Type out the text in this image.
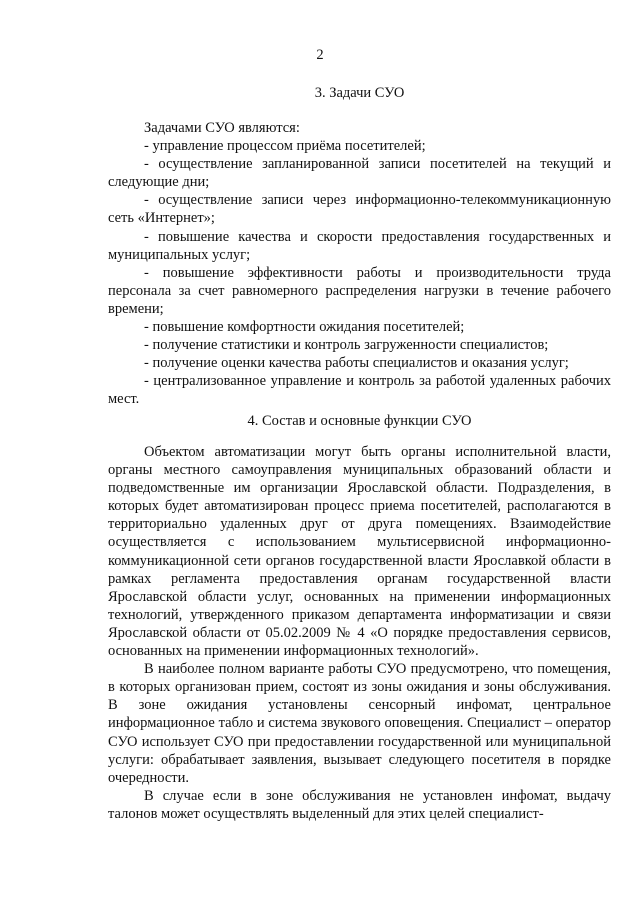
2
3. Задачи СУО

Задачами СУО являются:

- управление процессом приёма посетителей;

- осуществление запланированной записи посетителей на текущий и следующие дни;

- осуществление записи через информационно-телекоммуникационную сеть «Интернет»;

- повышение качества и скорости предоставления государственных и муниципальных услуг;

- повышение эффективности работы и производительности труда персонала за счет равномерного распределения нагрузки в течение рабочего времени;

- повышение комфортности ожидания посетителей;

- получение статистики и контроль загруженности специалистов;

- получение оценки качества работы специалистов и оказания услуг;

- централизованное управление и контроль за работой удаленных рабочих мест.

4. Состав и основные функции СУО

Объектом автоматизации могут быть органы исполнительной власти, органы местного самоуправления муниципальных образований области и подведомственные им организации Ярославской области. Подразделения, в которых будет автоматизирован процесс приема посетителей, располагаются в территориально удаленных друг от друга помещениях. Взаимодействие осуществляется с использованием мультисервисной информационно-коммуникационной сети органов государственной власти Ярославкой области в рамках регламента предоставления органам государственной власти Ярославской области услуг, основанных на применении информационных технологий, утвержденного приказом департамента информатизации и связи Ярославской области от 05.02.2009 № 4 «О порядке предоставления сервисов, основанных на применении информационных технологий».

В наиболее полном варианте работы СУО предусмотрено, что помещения, в которых организован прием, состоят из зоны ожидания и зоны обслуживания. В зоне ожидания установлены сенсорный инфомат, центральное информационное табло и система звукового оповещения. Специалист – оператор СУО использует СУО при предоставлении государственной или муниципальной услуги: обрабатывает заявления, вызывает следующего посетителя в порядке очередности.

В случае если в зоне обслуживания не установлен инфомат, выдачу талонов может осуществлять выделенный для этих целей специалист-
